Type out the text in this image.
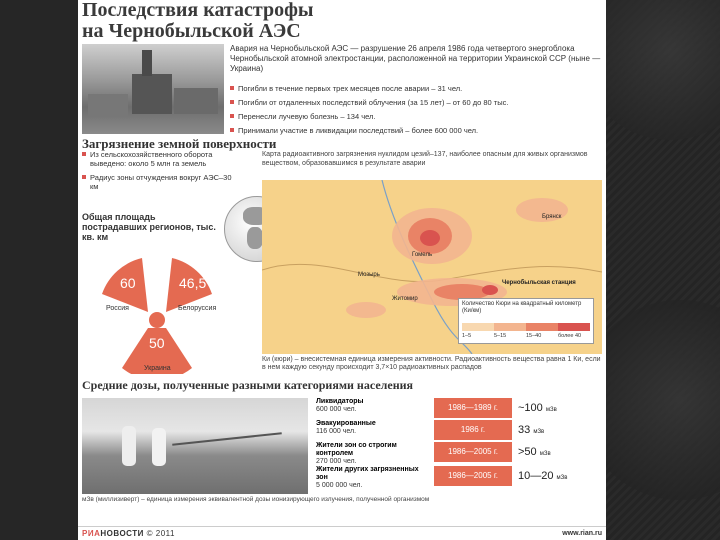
Последствия катастрофы
на Чернобыльской АЭС
Авария на Чернобыльской АЭС — разрушение 26 апреля 1986 года четвертого энергоблока Чернобыльской атомной электростанции, расположенной на территории Украинской ССР (ныне — Украина)
Погибли в течение первых трех месяцев после аварии – 31 чел.
Погибли от отдаленных последствий облучения (за 15 лет) – от 60 до 80 тыс.
Перенесли лучевую болезнь – 134 чел.
Принимали участие в ликвидации последствий – более 600 000 чел.
Загрязнение земной поверхности
Из сельскохозяйственного оборота выведено: около 5 млн га земель
Радиус зоны отчуждения вокруг АЭС–30 км
Карта радиоактивного загрязнения нуклидом цезий–137, наиболее опасным для живых организмов веществом, образовавшимся в результате аварии
Общая площадь пострадавших регионов, тыс. кв. км
60
Россия
46,5
Белоруссия
50
Украина
Гомель
Брянск
Мозырь
Чернобыльская станция
Житомир
Количество Кюри на квадратный километр (Ки/км)
1–5	5–15	15–40	более 40
Ки (кюри) – внесистемная единица измерения активности. Радиоактивность вещества равна 1 Ки, если в нем каждую секунду происходит 3,7×10 радиоактивных распадов
Средние дозы, полученные разными категориями населения
Ликвидаторы
600 000 чел.	1986—1989 г.	~100 мЗв
Эвакуированные
116 000 чел.	1986 г.	33 мЗв
Жители зон со строгим контролем
270 000 чел.
1986—2005 г.	>50 мЗв
Жители других загрязненных зон
5 000 000 чел.
1986—2005 г.	10—20 мЗв
мЗв (миллизиверт) – единица измерения эквивалентной дозы ионизирующего излучения, полученной организмом
РИАНОВОСТИ © 2011	www.rian.ru
